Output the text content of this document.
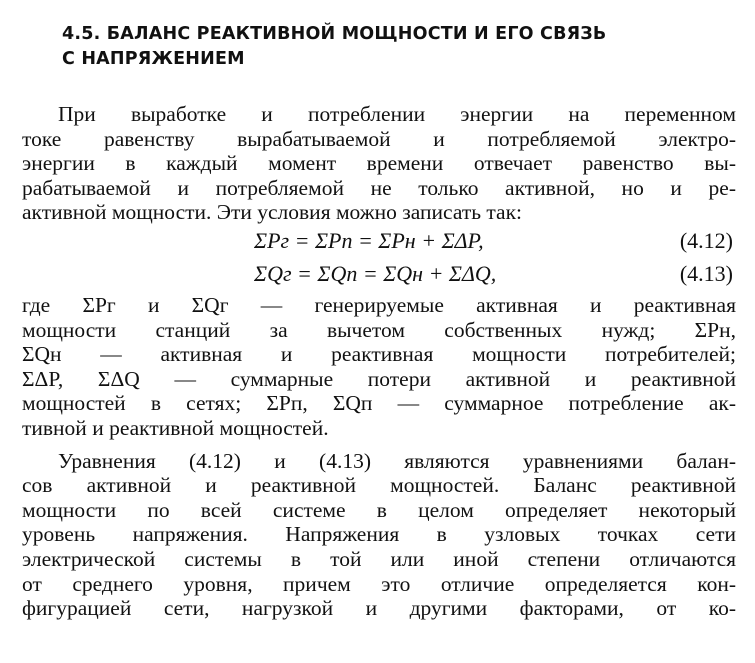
4.5. БАЛАНС РЕАКТИВНОЙ МОЩНОСТИ И ЕГО СВЯЗЬ
С НАПРЯЖЕНИЕМ

При выработке и потреблении энергии на переменном
токе равенству вырабатываемой и потребляемой электро-
энергии в каждый момент времени отвечает равенство вы-
рабатываемой и потребляемой не только активной, но и ре-
активной мощности. Эти условия можно записать так:

ΣPг = ΣPп = ΣPн + ΣΔP,	(4.12)
ΣQг = ΣQп = ΣQн + ΣΔQ,	(4.13)

где ΣPг и ΣQг — генерируемые активная и реактивная
мощности станций за вычетом собственных нужд; ΣPн,
ΣQн — активная и реактивная мощности потребителей;
ΣΔP, ΣΔQ — суммарные потери активной и реактивной
мощностей в сетях; ΣPп, ΣQп — суммарное потребление ак-
тивной и реактивной мощностей.

Уравнения (4.12) и (4.13) являются уравнениями балан-
сов активной и реактивной мощностей. Баланс реактивной
мощности по всей системе в целом определяет некоторый
уровень напряжения. Напряжения в узловых точках сети
электрической системы в той или иной степени отличаются
от среднего уровня, причем это отличие определяется кон-
фигурацией сети, нагрузкой и другими факторами, от ко-
